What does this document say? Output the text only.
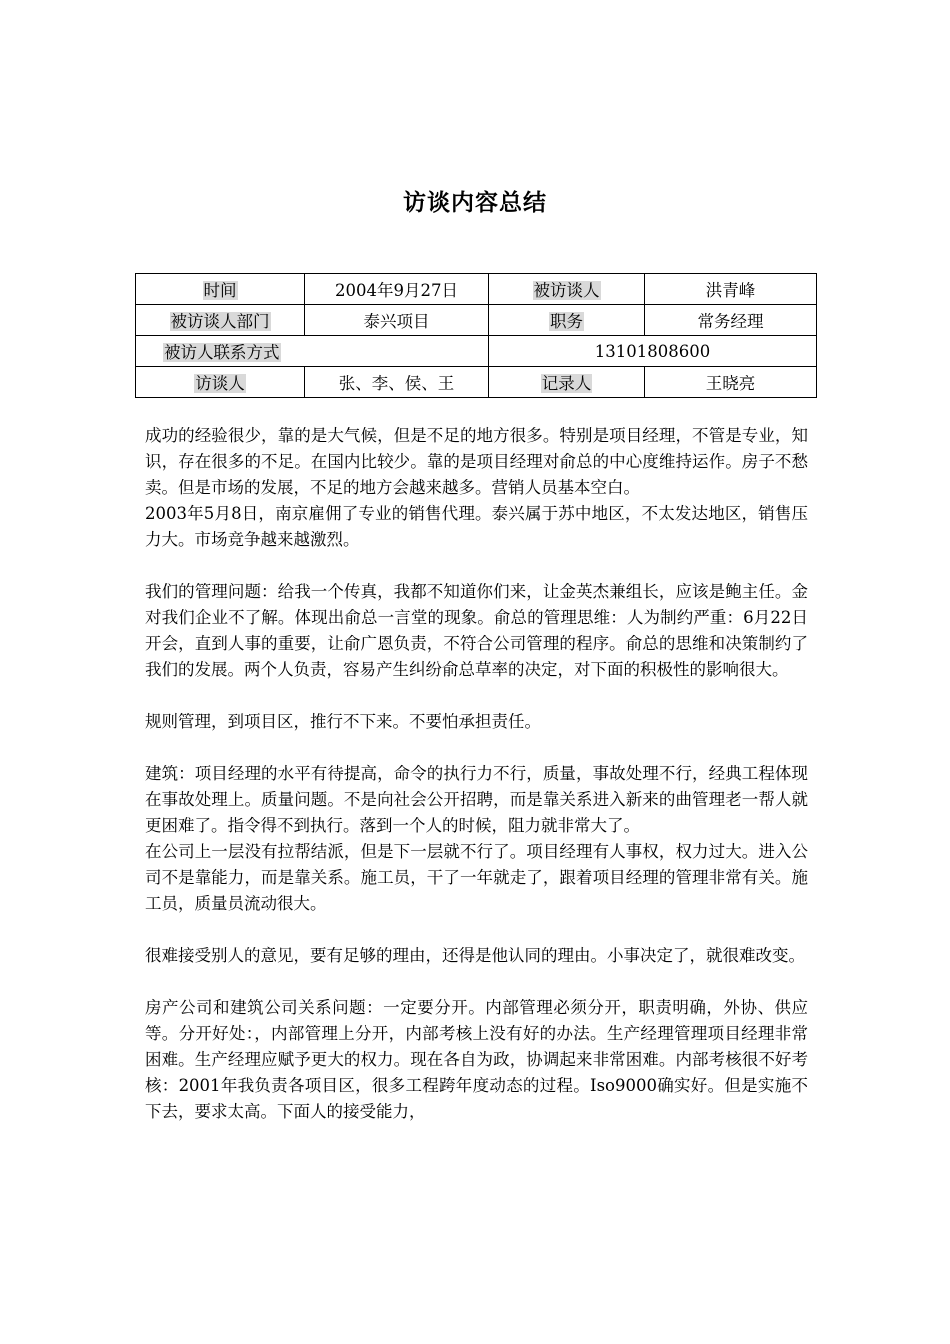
访谈内容总结
时间	2004年9月27日	被访谈人	洪青峰
被访谈人部门	泰兴项目	职务	常务经理
被访人联系方式		13101808600	
访谈人	张、李、侯、王	记录人	王晓亮

成功的经验很少，靠的是大气候，但是不足的地方很多。特别是项目经理，不管是专业，知识，存在很多的不足。在国内比较少。靠的是项目经理对俞总的中心度维持运作。房子不愁卖。但是市场的发展，不足的地方会越来越多。营销人员基本空白。

2003年5月8日，南京雇佣了专业的销售代理。泰兴属于苏中地区，不太发达地区，销售压力大。市场竞争越来越激烈。

我们的管理问题：给我一个传真，我都不知道你们来，让金英杰兼组长，应该是鲍主任。金对我们企业不了解。体现出俞总一言堂的现象。俞总的管理思维：人为制约严重：6月22日开会，直到人事的重要，让俞广恩负责，不符合公司管理的程序。俞总的思维和决策制约了我们的发展。两个人负责，容易产生纠纷俞总草率的决定，对下面的积极性的影响很大。

规则管理，到项目区，推行不下来。不要怕承担责任。

建筑：项目经理的水平有待提高，命令的执行力不行，质量，事故处理不行，经典工程体现在事故处理上。质量问题。不是向社会公开招聘，而是靠关系进入新来的曲管理老一帮人就更困难了。指令得不到执行。落到一个人的时候，阻力就非常大了。

在公司上一层没有拉帮结派，但是下一层就不行了。项目经理有人事权，权力过大。进入公司不是靠能力，而是靠关系。施工员，干了一年就走了，跟着项目经理的管理非常有关。施工员，质量员流动很大。

很难接受别人的意见，要有足够的理由，还得是他认同的理由。小事决定了，就很难改变。

房产公司和建筑公司关系问题：一定要分开。内部管理必须分开，职责明确，外协、供应等。分开好处：，内部管理上分开，内部考核上没有好的办法。生产经理管理项目经理非常困难。生产经理应赋予更大的权力。现在各自为政，协调起来非常困难。内部考核很不好考核：2001年我负责各项目区，很多工程跨年度动态的过程。Iso9000确实好。但是实施不下去，要求太高。下面人的接受能力，
